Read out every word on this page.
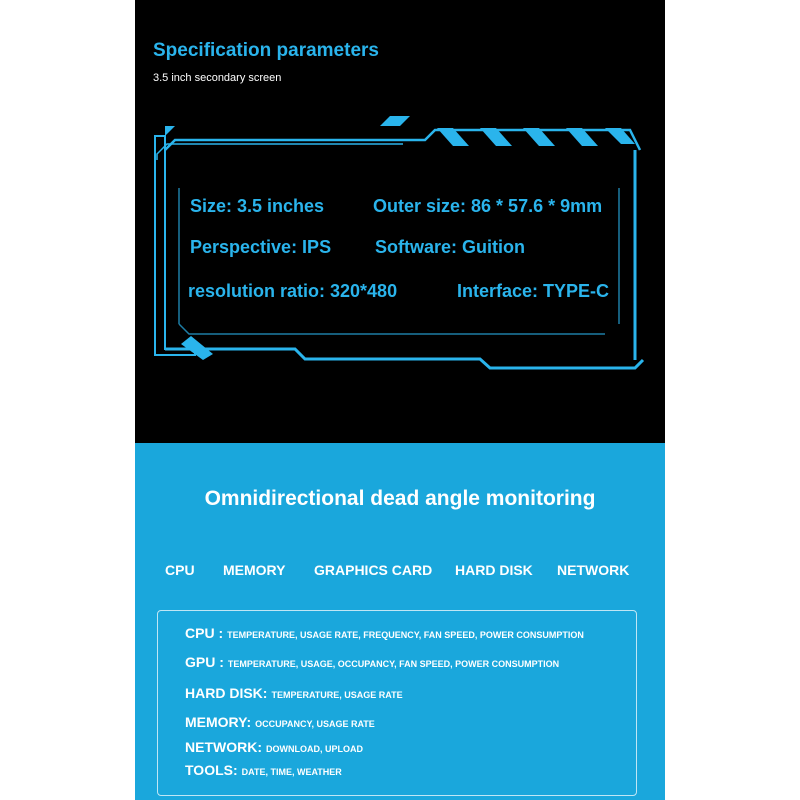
Specification parameters
3.5 inch secondary screen
Size: 3.5 inches	Outer size: 86 * 57.6 * 9mm
Perspective: IPS Software: Guition
resolution ratio: 320*480	Interface: TYPE-C
Omnidirectional dead angle monitoring
CPU MEMORY GRAPHICS CARD HARD DISK NETWORK
CPU : TEMPERATURE, USAGE RATE, FREQUENCY, FAN SPEED, POWER CONSUMPTION
GPU : TEMPERATURE, USAGE, OCCUPANCY, FAN SPEED, POWER CONSUMPTION
HARD DISK: TEMPERATURE, USAGE RATE
MEMORY: OCCUPANCY, USAGE RATE
NETWORK: DOWNLOAD, UPLOAD
TOOLS: DATE, TIME, WEATHER
